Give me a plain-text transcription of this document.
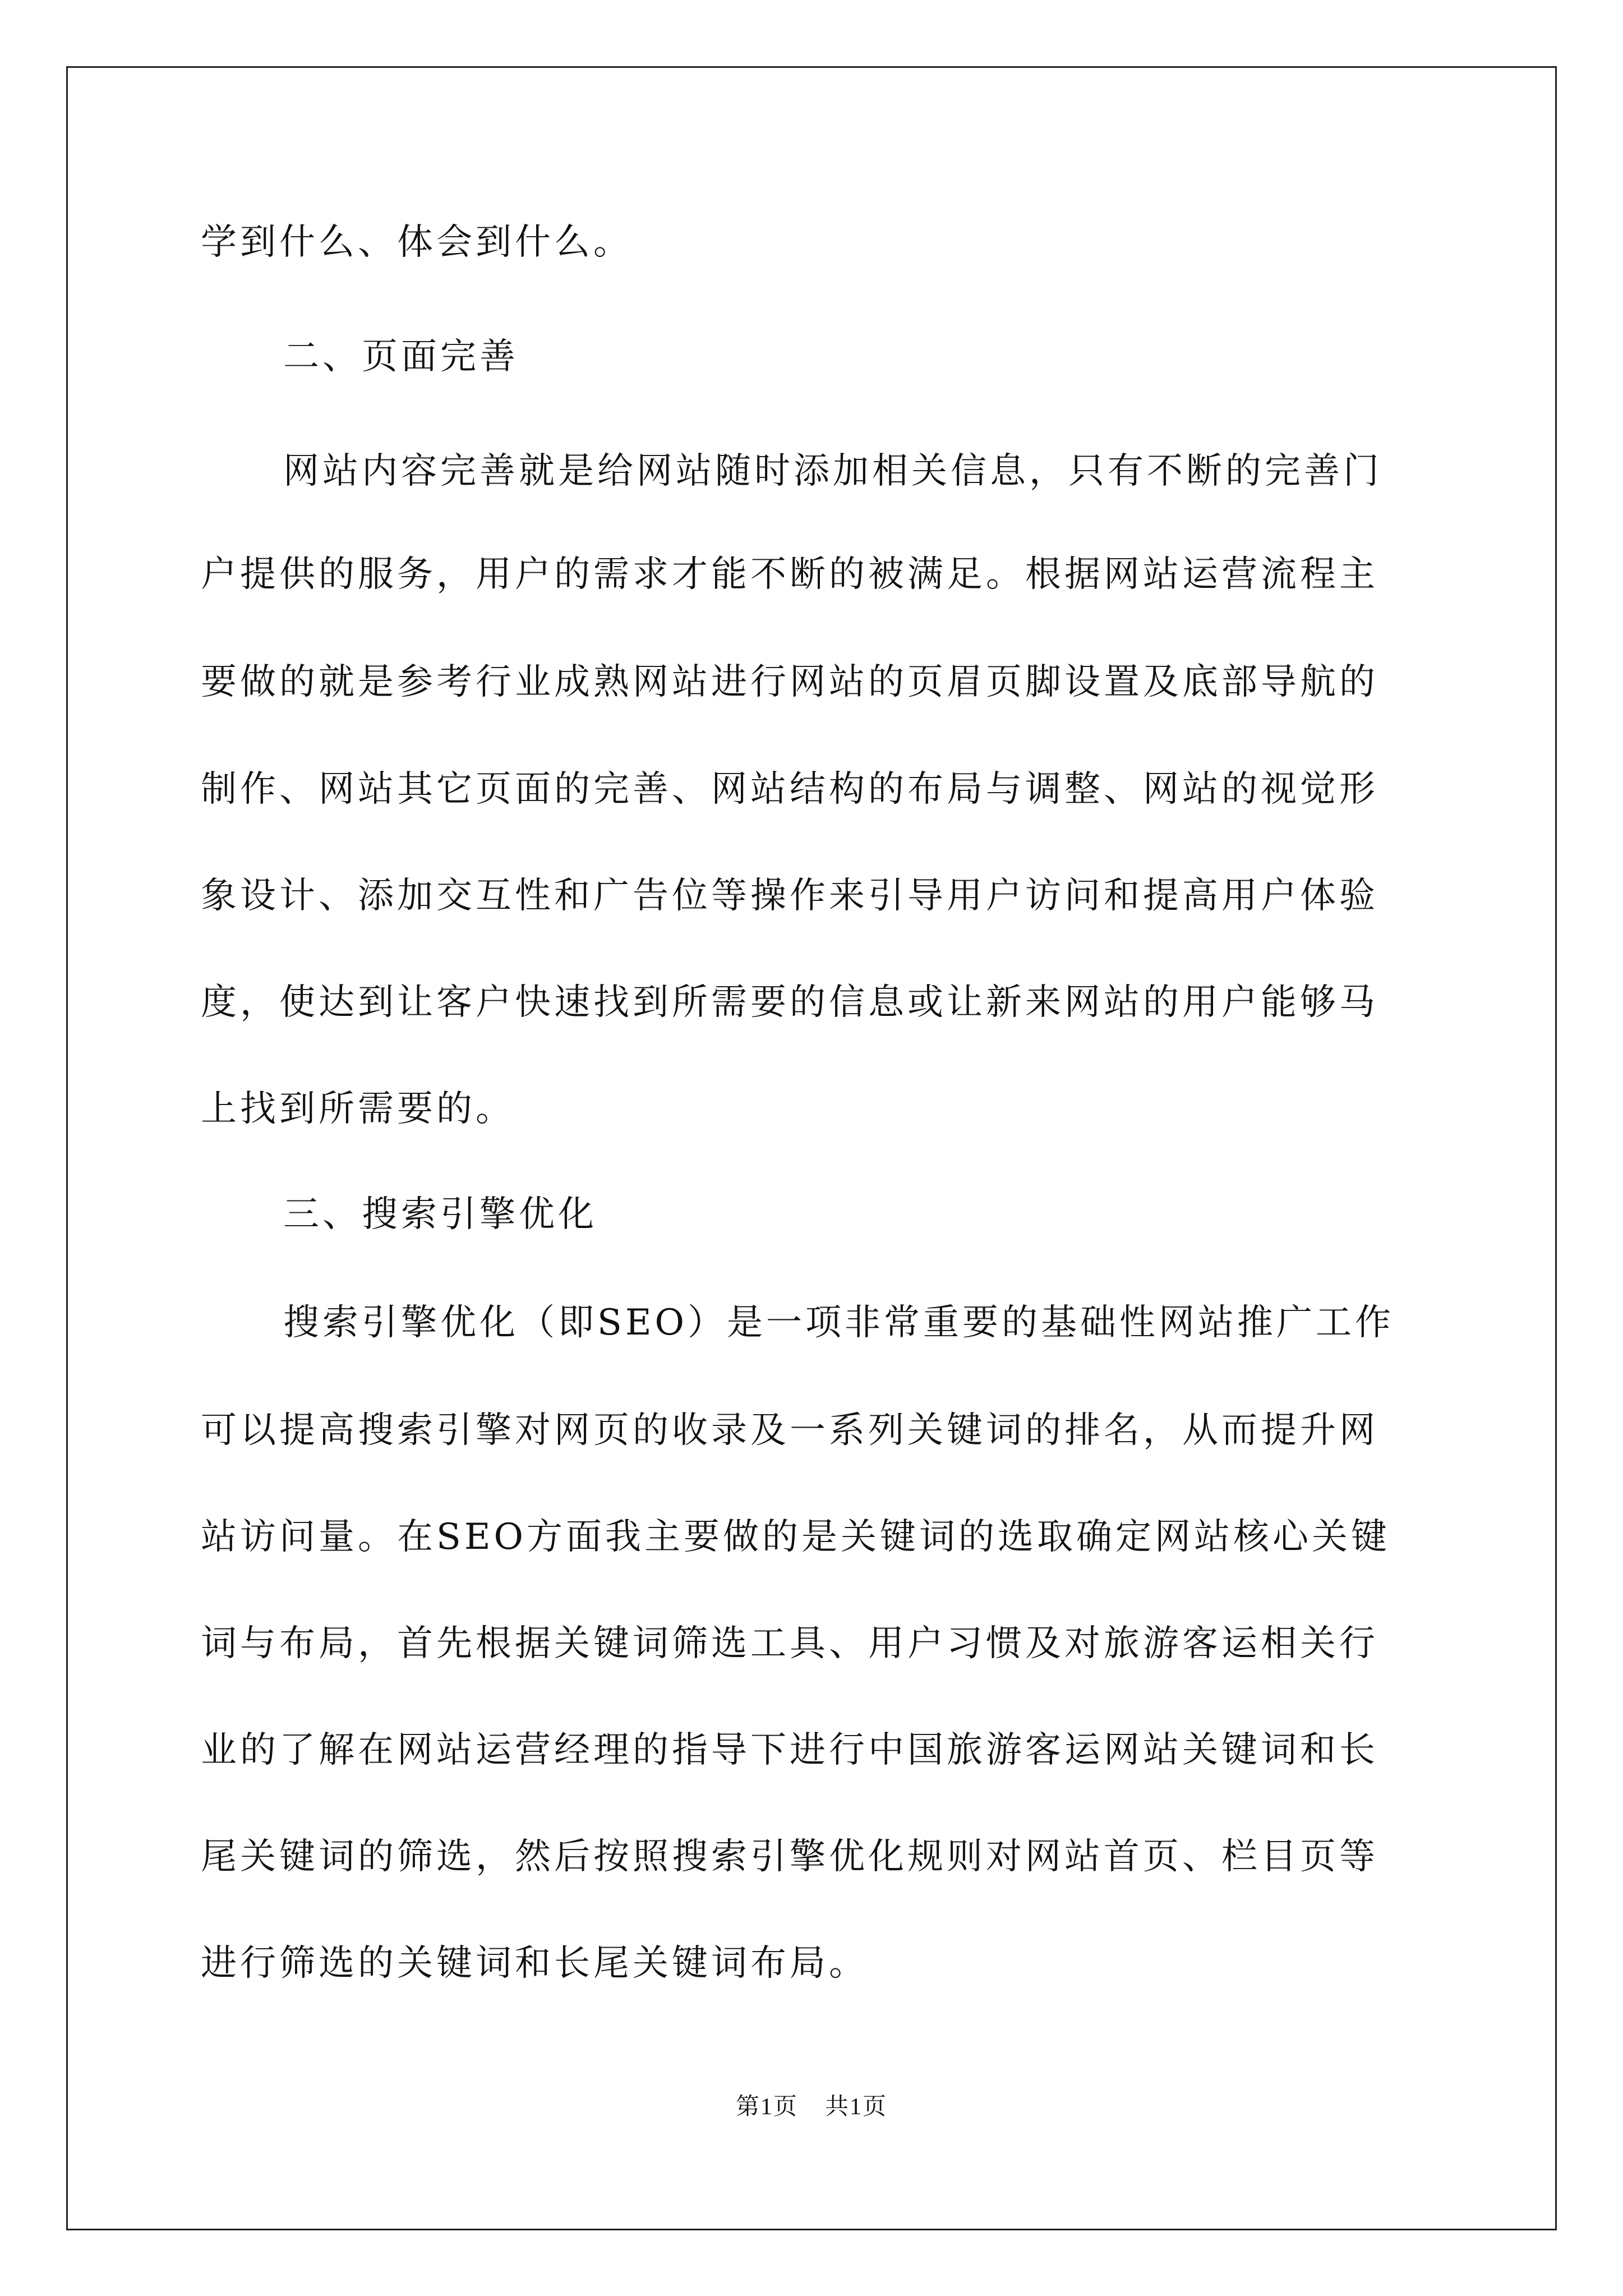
学到什么、体会到什么。
二、页面完善
网站内容完善就是给网站随时添加相关信息，只有不断的完善门
户提供的服务，用户的需求才能不断的被满足。根据网站运营流程主
要做的就是参考行业成熟网站进行网站的页眉页脚设置及底部导航的
制作、网站其它页面的完善、网站结构的布局与调整、网站的视觉形
象设计、添加交互性和广告位等操作来引导用户访问和提高用户体验
度，使达到让客户快速找到所需要的信息或让新来网站的用户能够马
上找到所需要的。
三、搜索引擎优化
搜索引擎优化（即SEO）是一项非常重要的基础性网站推广工作
可以提高搜索引擎对网页的收录及一系列关键词的排名，从而提升网
站访问量。在SEO方面我主要做的是关键词的选取确定网站核心关键
词与布局，首先根据关键词筛选工具、用户习惯及对旅游客运相关行
业的了解在网站运营经理的指导下进行中国旅游客运网站关键词和长
尾关键词的筛选，然后按照搜索引擎优化规则对网站首页、栏目页等
进行筛选的关键词和长尾关键词布局。
第1页 共1页
